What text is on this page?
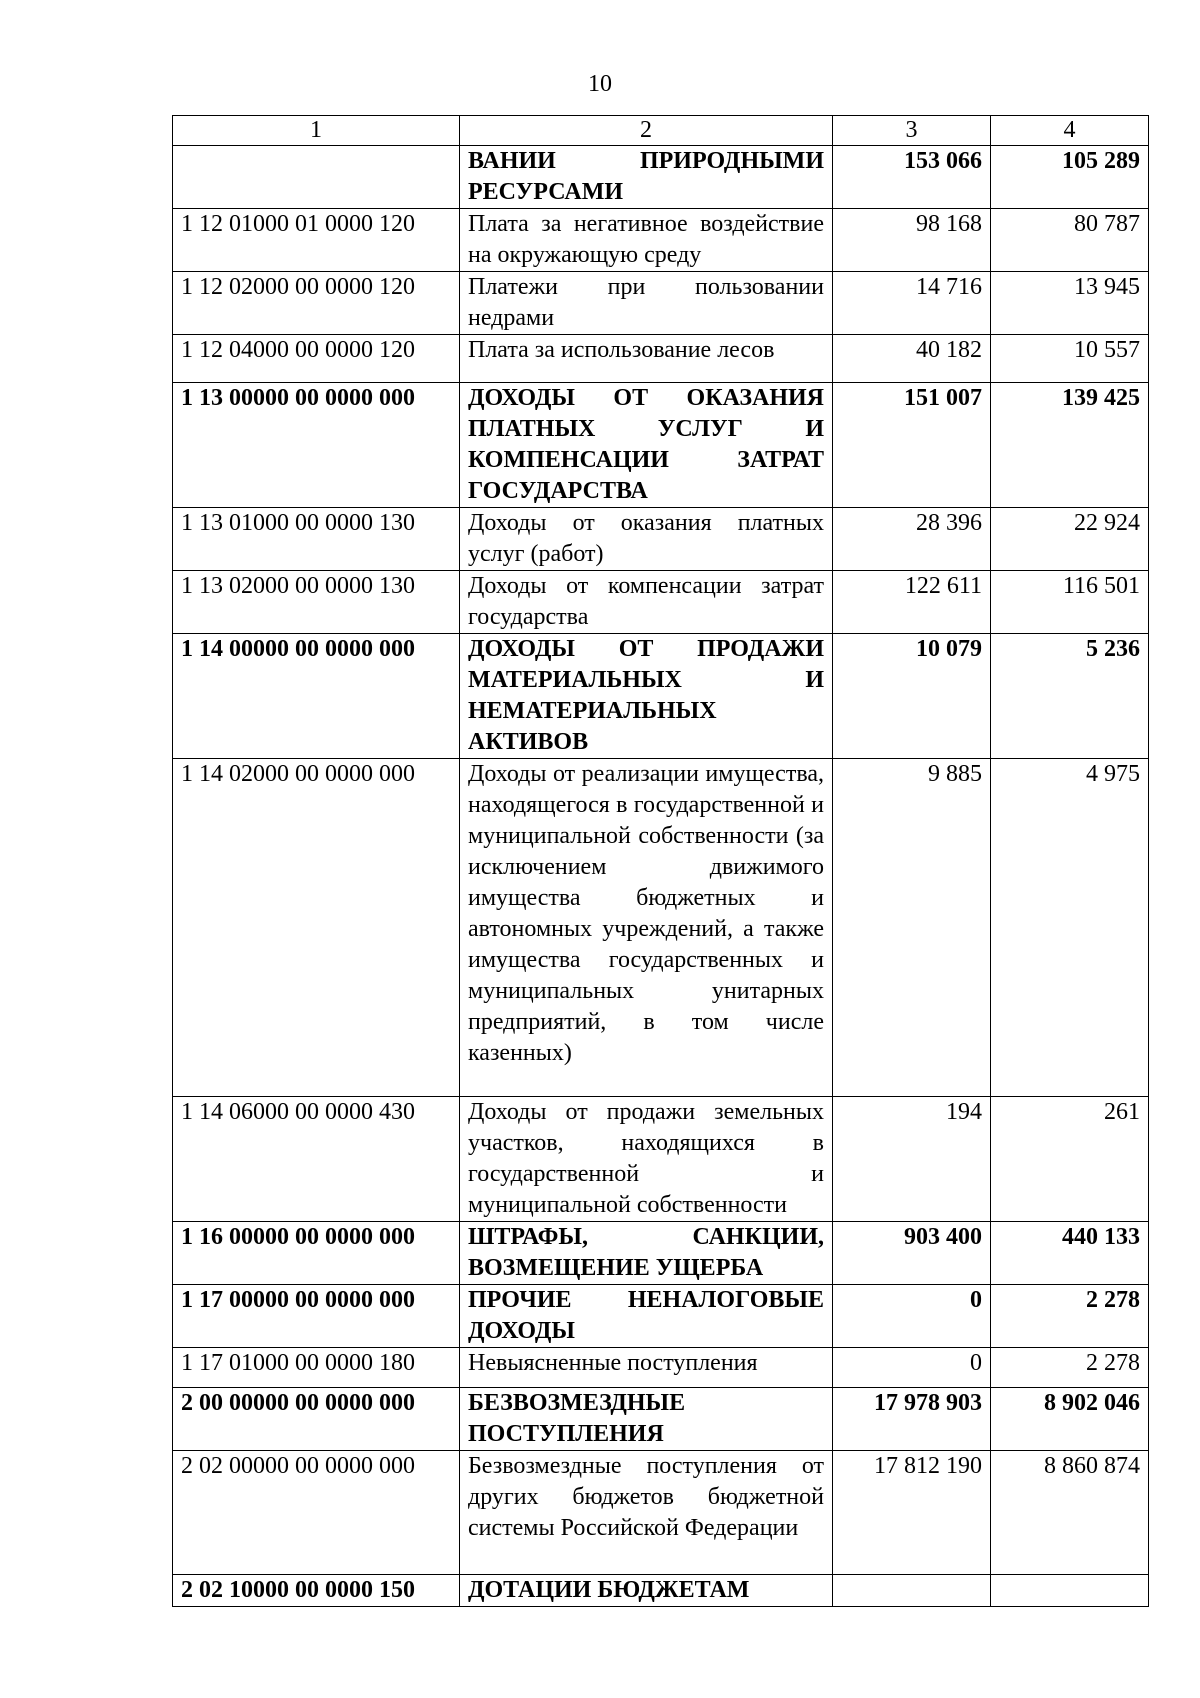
10
1	2	3	4
	ВАНИИ ПРИРОДНЫМИ РЕСУРСАМИ	153 066	105 289
1 12 01000 01 0000 120	Плата за негативное воздействие на окружающую среду	98 168	80 787
1 12 02000 00 0000 120	Платежи при пользовании недрами	14 716	13 945
1 12 04000 00 0000 120	Плата за использование лесов	40 182	10 557
1 13 00000 00 0000 000	ДОХОДЫ ОТ ОКАЗАНИЯ ПЛАТНЫХ УСЛУГ И КОМПЕНСАЦИИ ЗАТРАТ ГОСУДАРСТВА	151 007	139 425
1 13 01000 00 0000 130	Доходы от оказания платных услуг (работ)	28 396	22 924
1 13 02000 00 0000 130	Доходы от компенсации затрат государства	122 611	116 501
1 14 00000 00 0000 000	ДОХОДЫ ОТ ПРОДАЖИ МАТЕРИАЛЬНЫХ И НЕМАТЕРИАЛЬНЫХ АКТИВОВ	10 079	5 236
1 14 02000 00 0000 000	Доходы от реализации имущества, находящегося в государственной и муниципальной собственности (за исключением движимого имущества бюджетных и автономных учреждений, а также имущества государственных и муниципальных унитарных предприятий, в том числе казенных)	9 885	4 975
1 14 06000 00 0000 430	Доходы от продажи земельных участков, находящихся в государственной и муниципальной собственности	194	261
1 16 00000 00 0000 000	ШТРАФЫ, САНКЦИИ, ВОЗМЕЩЕНИЕ УЩЕРБА	903 400	440 133
1 17 00000 00 0000 000	ПРОЧИЕ НЕНАЛОГОВЫЕ ДОХОДЫ	0	2 278
1 17 01000 00 0000 180	Невыясненные поступления	0	2 278
2 00 00000 00 0000 000	БЕЗВОЗМЕЗДНЫЕ ПОСТУПЛЕНИЯ	17 978 903	8 902 046
2 02 00000 00 0000 000	Безвозмездные поступления от других бюджетов бюджетной системы Российской Федерации	17 812 190	8 860 874
2 02 10000 00 0000 150	ДОТАЦИИ БЮДЖЕТАМ		
